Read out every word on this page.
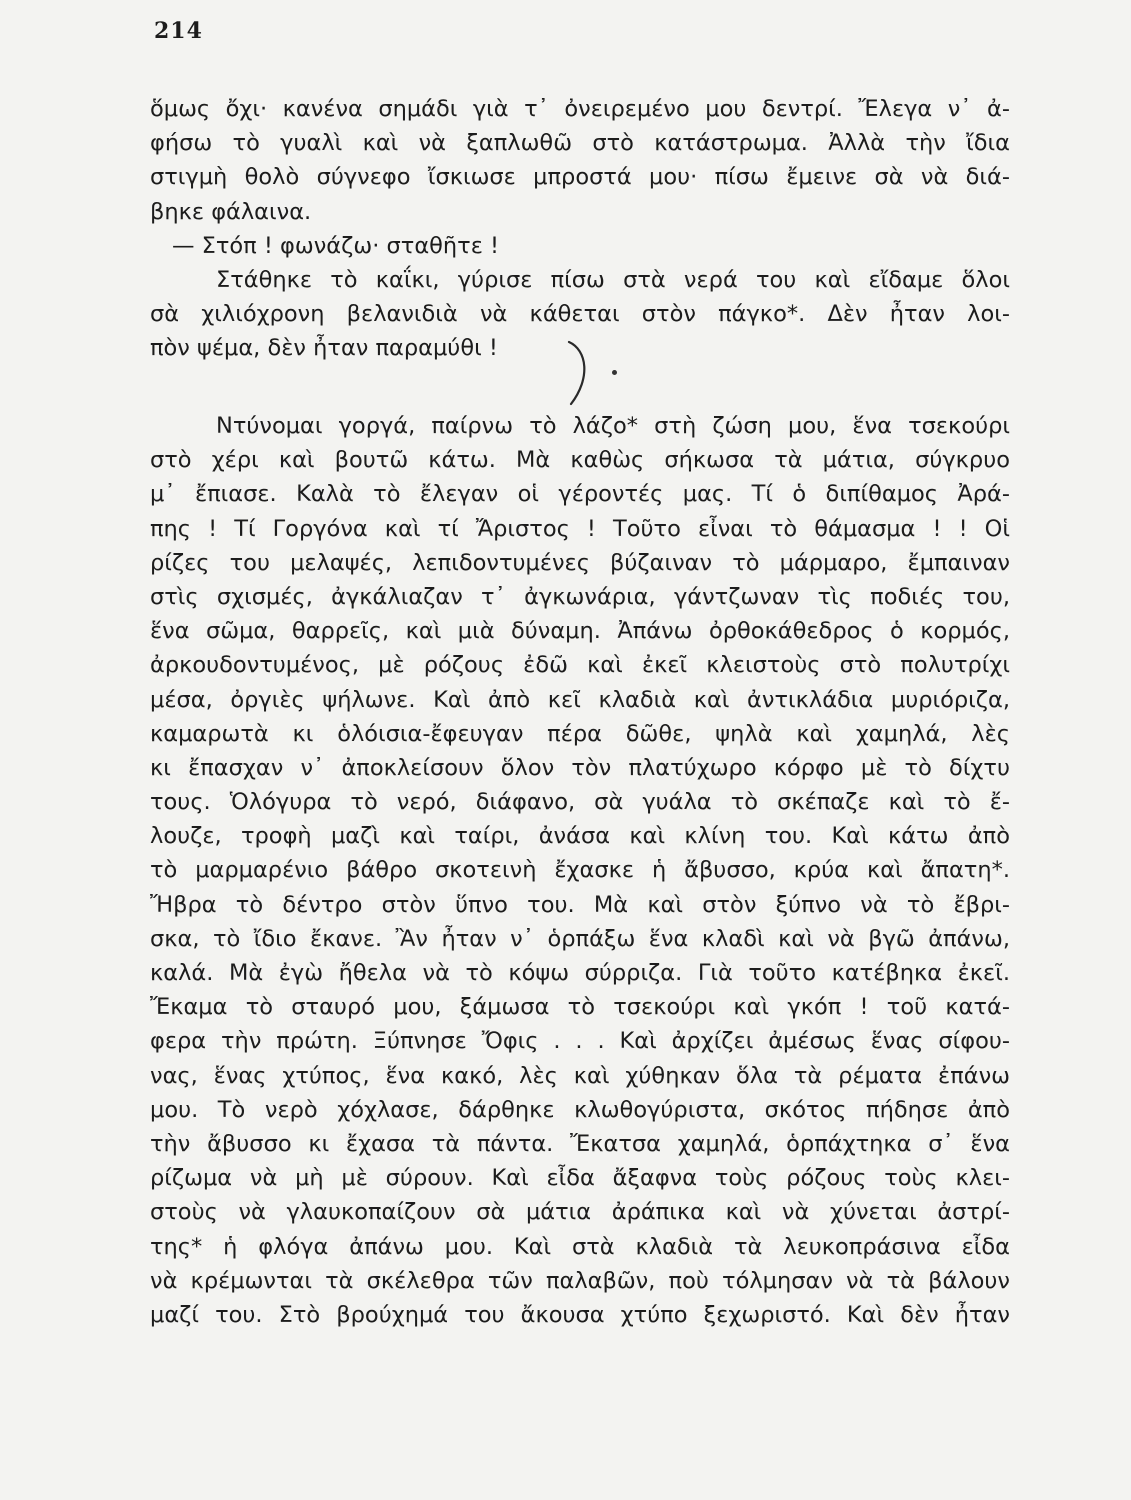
214
ὅμως ὄχι· κανένα σημάδι γιὰ τ᾽ ὀνειρεμένο μου δεντρί. Ἔλεγα ν᾽ ἀ-
φήσω τὸ γυαλὶ καὶ νὰ ξαπλωθῶ στὸ κατάστρωμα. Ἀλλὰ τὴν ἴδια
στιγμὴ θολὸ σύγνεφο ἴσκιωσε μπροστά μου· πίσω ἔμεινε σὰ νὰ διά-
βηκε φάλαινα.
— Στόπ ! φωνάζω· σταθῆτε !
Στάθηκε τὸ καΐκι, γύρισε πίσω στὰ νερά του καὶ εἴδαμε ὅλοι
σὰ χιλιόχρονη βελανιδιὰ νὰ κάθεται στὸν πάγκο*. Δὲν ἦταν λοι-
πὸν ψέμα, δὲν ἦταν παραμύθι !
Ντύνομαι γοργά, παίρνω τὸ λάζο* στὴ ζώση μου, ἕνα τσεκούρι
στὸ χέρι καὶ βουτῶ κάτω. Μὰ καθὼς σήκωσα τὰ μάτια, σύγκρυο
μ᾽ ἔπιασε. Καλὰ τὸ ἔλεγαν οἱ γέροντές μας. Τί ὁ διπίθαμος Ἀρά-
πης ! Τί Γοργόνα καὶ τί Ἄριστος ! Τοῦτο εἶναι τὸ θάμασμα ! ! Οἱ
ρίζες του μελαψές, λεπιδοντυμένες βύζαιναν τὸ μάρμαρο, ἔμπαιναν
στὶς σχισμές, ἀγκάλιαζαν τ᾽ ἀγκωνάρια, γάντζωναν τὶς ποδιές του,
ἕνα σῶμα, θαρρεῖς, καὶ μιὰ δύναμη. Ἀπάνω ὀρθοκάθεδρος ὁ κορμός,
ἀρκουδοντυμένος, μὲ ρόζους ἐδῶ καὶ ἐκεῖ κλειστοὺς στὸ πολυτρίχι
μέσα, ὀργιὲς ψήλωνε. Καὶ ἀπὸ κεῖ κλαδιὰ καὶ ἀντικλάδια μυριόριζα,
καμαρωτὰ κι ὁλόισια-ἔφευγαν πέρα δῶθε, ψηλὰ καὶ χαμηλά, λὲς
κι ἔπασχαν ν᾽ ἀποκλείσουν ὅλον τὸν πλατύχωρο κόρφο μὲ τὸ δίχτυ
τους. Ὁλόγυρα τὸ νερό, διάφανο, σὰ γυάλα τὸ σκέπαζε καὶ τὸ ἔ-
λουζε, τροφὴ μαζὶ καὶ ταίρι, ἀνάσα καὶ κλίνη του. Καὶ κάτω ἀπὸ
τὸ μαρμαρένιο βάθρο σκοτεινὴ ἔχασκε ἡ ἄβυσσο, κρύα καὶ ἄπατη*.
Ἤβρα τὸ δέντρο στὸν ὕπνο του. Μὰ καὶ στὸν ξύπνο νὰ τὸ ἔβρι-
σκα, τὸ ἴδιο ἔκανε. Ἂν ἦταν ν᾽ ὁρπάξω ἕνα κλαδὶ καὶ νὰ βγῶ ἀπάνω,
καλά. Μὰ ἐγὼ ἤθελα νὰ τὸ κόψω σύρριζα. Γιὰ τοῦτο κατέβηκα ἐκεῖ.
Ἔκαμα τὸ σταυρό μου, ξάμωσα τὸ τσεκούρι καὶ γκόπ ! τοῦ κατά-
φερα τὴν πρώτη. Ξύπνησε Ὄφις . . . Καὶ ἀρχίζει ἀμέσως ἕνας σίφου-
νας, ἕνας χτύπος, ἕνα κακό, λὲς καὶ χύθηκαν ὅλα τὰ ρέματα ἐπάνω
μου. Τὸ νερὸ χόχλασε, δάρθηκε κλωθογύριστα, σκότος πήδησε ἀπὸ
τὴν ἄβυσσο κι ἔχασα τὰ πάντα. Ἔκατσα χαμηλά, ὁρπάχτηκα σ᾽ ἕνα
ρίζωμα νὰ μὴ μὲ σύρουν. Καὶ εἶδα ἄξαφνα τοὺς ρόζους τοὺς κλει-
στοὺς νὰ γλαυκοπαίζουν σὰ μάτια ἀράπικα καὶ νὰ χύνεται ἀστρί-
της* ἡ φλόγα ἀπάνω μου. Καὶ στὰ κλαδιὰ τὰ λευκοπράσινα εἶδα
νὰ κρέμωνται τὰ σκέλεθρα τῶν παλαβῶν, ποὺ τόλμησαν νὰ τὰ βάλουν
μαζί του. Στὸ βρούχημά του ἄκουσα χτύπο ξεχωριστό. Καὶ δὲν ἦταν
